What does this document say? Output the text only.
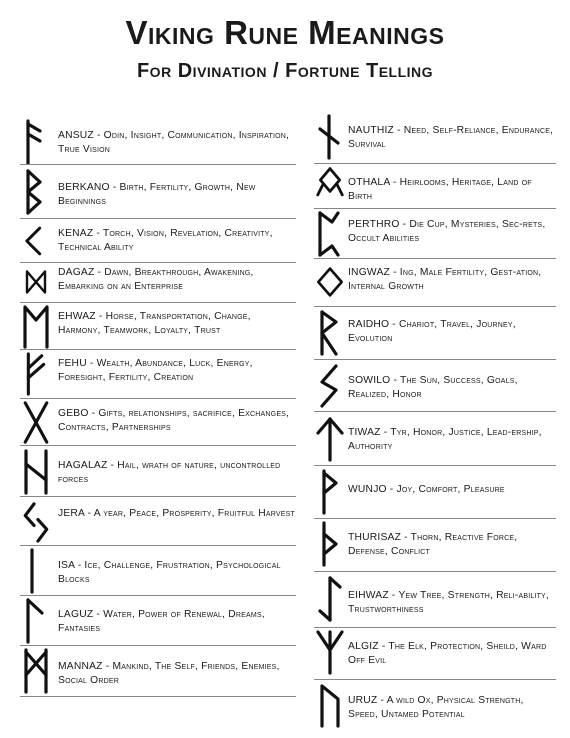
Viking Rune Meanings
For Divination / Fortune Telling
ANSUZ - Odin, Insight, Communication, Inspiration, True Vision
BERKANO - Birth, Fertility, Growth, New Beginnings
KENAZ - Torch, Vision, Revelation, Creativity, Technical Ability
DAGAZ - Dawn, Breakthrough, Awakening, Embarking on an Enterprise
EHWAZ - Horse, Transportation, Change, Harmony, Teamwork, Loyalty, Trust
FEHU - Wealth, Abundance, Luck, Energy, Foresight, Fertility, Creation
GEBO - Gifts, relationships, sacrifice, Exchanges, Contracts, Partnerships
HAGALAZ - Hail, wrath of nature, uncontrolled forces
JERA - A year, Peace, Prosperity, Fruitful Harvest
ISA - Ice, Challenge, Frustration, Psychological Blocks
LAGUZ - Water, Power of Renewal, Dreams, Fantasies
MANNAZ - Mankind, The Self, Friends, Enemies, Social Order
NAUTHIZ - Need, Self-Reliance, Endurance, Survival
OTHALA - Heirlooms, Heritage, Land of Birth
PERTHRO - Die Cup, Mysteries, Sec-rets, Occult Abilities
INGWAZ - Ing, Male Fertility, Gest-ation, Internal Growth
RAIDHO - Chariot, Travel, Journey, Evolution
SOWILO - The Sun, Success, Goals, Realized, Honor
TIWAZ - Tyr, Honor, Justice, Lead-ership, Authority
WUNJO - Joy, Comfort, Pleasure
THURISAZ - Thorn, Reactive Force, Defense, Conflict
EIHWAZ - Yew Tree, Strength, Reli-ability, Trustworthiness
ALGIZ - The Elk, Protection, Sheild, Ward Off Evil
URUZ - A wild Ox, Physical Strength, Speed, Untamed Potential
